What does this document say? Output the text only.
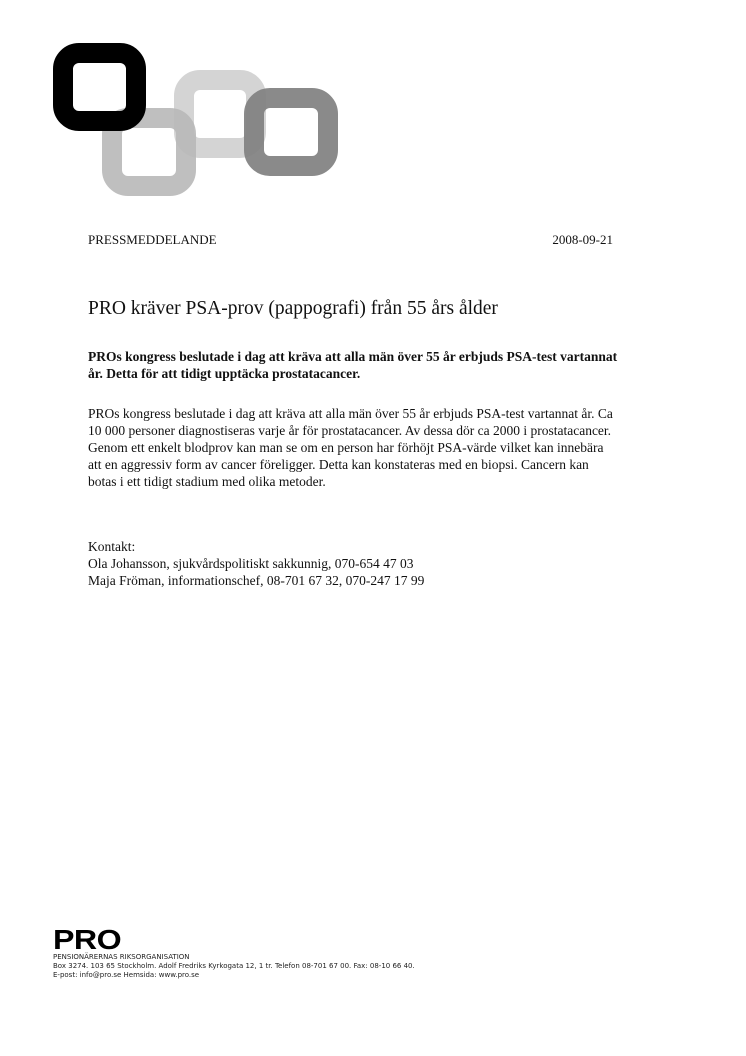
PRESSMEDDELANDE	2008-09-21
PRO kräver PSA-prov (pappografi) från 55 års ålder

PROs kongress beslutade i dag att kräva att alla män över 55 år erbjuds PSA-test vartannat år. Detta för att tidigt upptäcka prostatacancer.

PROs kongress beslutade i dag att kräva att alla män över 55 år erbjuds PSA-test vartannat år. Ca 10 000 personer diagnostiseras varje år för prostatacancer. Av dessa dör ca 2000 i prostatacancer. Genom ett enkelt blodprov kan man se om en person har förhöjt PSA-värde vilket kan innebära att en aggressiv form av cancer föreligger. Detta kan konstateras med en biopsi. Cancern kan botas i ett tidigt stadium med olika metoder.

Kontakt:
Ola Johansson, sjukvårdspolitiskt sakkunnig, 070-654 47 03
Maja Fröman, informationschef, 08-701 67 32, 070-247 17 99
PRO
PENSIONÄRERNAS RIKSORGANISATION
Box 3274. 103 65 Stockholm. Adolf Fredriks Kyrkogata 12, 1 tr. Telefon 08-701 67 00. Fax: 08-10 66 40.
E-post: info@pro.se Hemsida: www.pro.se
